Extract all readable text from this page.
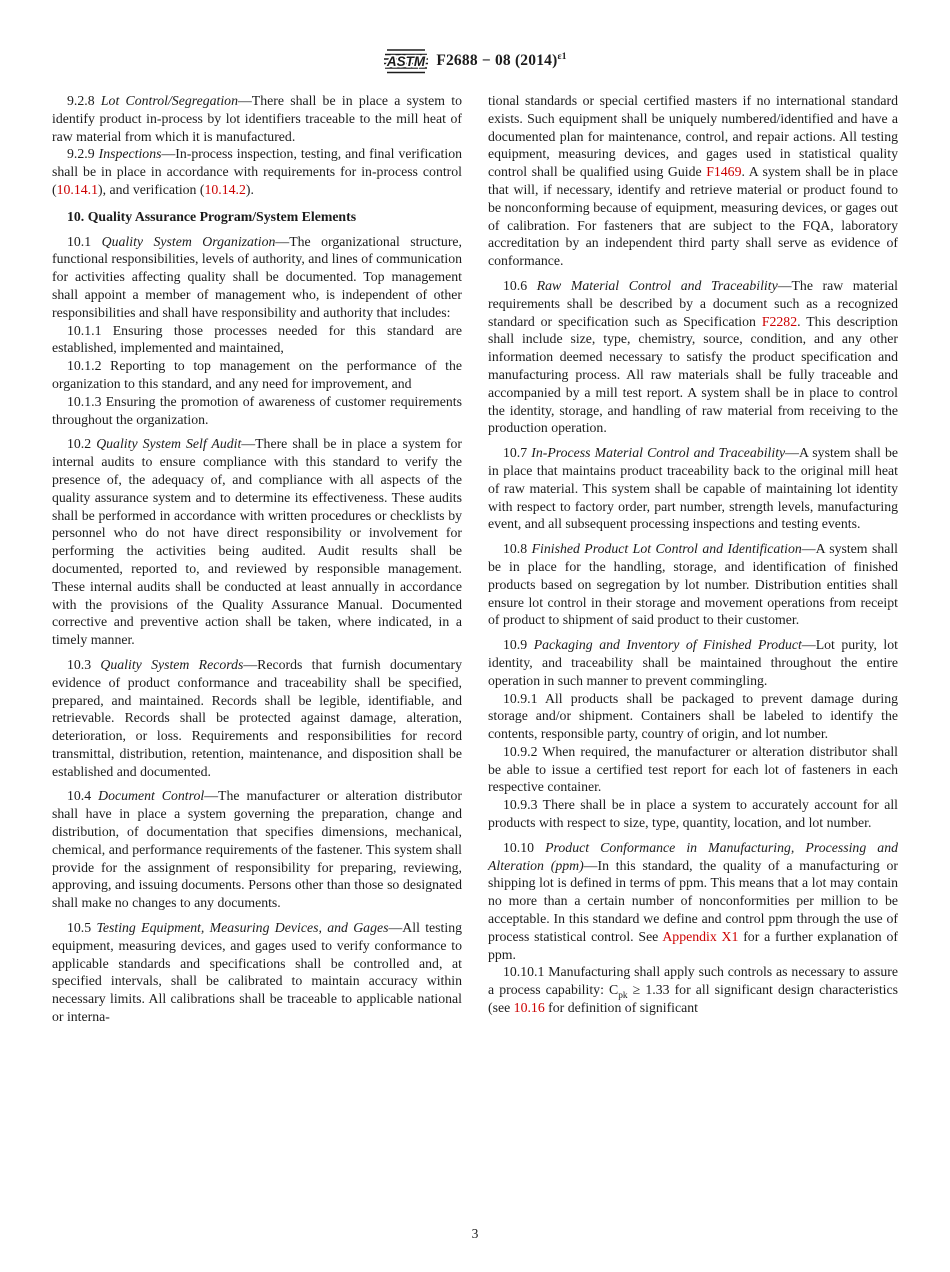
ASTM F2688 − 08 $(2014)^{\varepsilon 1}$

9.2.8 Lot Control/Segregation—There shall be in place a system to identify product in-process by lot identifiers traceable to the mill heat of raw material from which it is manufactured.

9.2.9 Inspections—In-process inspection, testing, and final verification shall be in place in accordance with requirements for in-process control (10.14.1), and verification (10.14.2).

10. Quality Assurance Program/System Elements

10.1 Quality System Organization—The organizational structure, functional responsibilities, levels of authority, and lines of communication for activities affecting quality shall be documented. Top management shall appoint a member of management who, is independent of other responsibilities and shall have responsibility and authority that includes:

10.1.1 Ensuring those processes needed for this standard are established, implemented and maintained,

10.1.2 Reporting to top management on the performance of the organization to this standard, and any need for improvement, and

10.1.3 Ensuring the promotion of awareness of customer requirements throughout the organization.

10.2 Quality System Self Audit—There shall be in place a system for internal audits to ensure compliance with this standard to verify the presence of, the adequacy of, and compliance with all aspects of the quality assurance system and to determine its effectiveness. These audits shall be performed in accordance with written procedures or checklists by personnel who do not have direct responsibility or involvement for performing the activities being audited. Audit results shall be documented, reported to, and reviewed by responsible management. These internal audits shall be conducted at least annually in accordance with the provisions of the Quality Assurance Manual. Documented corrective and preventive action shall be taken, where indicated, in a timely manner.

10.3 Quality System Records—Records that furnish documentary evidence of product conformance and traceability shall be specified, prepared, and maintained. Records shall be legible, identifiable, and retrievable. Records shall be protected against damage, alteration, deterioration, or loss. Requirements and responsibilities for record transmittal, distribution, retention, maintenance, and disposition shall be established and documented.

10.4 Document Control—The manufacturer or alteration distributor shall have in place a system governing the preparation, change and distribution, of documentation that specifies dimensions, mechanical, chemical, and performance requirements of the fastener. This system shall provide for the assignment of responsibility for preparing, reviewing, approving, and issuing documents. Persons other than those so designated shall make no changes to any documents.

10.5 Testing Equipment, Measuring Devices, and Gages—All testing equipment, measuring devices, and gages used to verify conformance to applicable standards and specifications shall be controlled and, at specified intervals, shall be calibrated to maintain accuracy within necessary limits. All calibrations shall be traceable to applicable national or interna-

tional standards or special certified masters if no international standard exists. Such equipment shall be uniquely numbered/identified and have a documented plan for maintenance, control, and repair actions. All testing equipment, measuring devices, and gages used in statistical quality control shall be qualified using Guide F1469. A system shall be in place that will, if necessary, identify and retrieve material or product found to be nonconforming because of equipment, measuring devices, or gages out of calibration. For fasteners that are subject to the FQA, laboratory accreditation by an independent third party shall serve as evidence of conformance.

10.6 Raw Material Control and Traceability—The raw material requirements shall be described by a document such as a recognized standard or specification such as Specification F2282. This description shall include size, type, chemistry, source, condition, and any other information deemed necessary to satisfy the product specification and manufacturing process. All raw materials shall be fully traceable and accompanied by a mill test report. A system shall be in place to control the identity, storage, and handling of raw material from receiving to the production operation.

10.7 In-Process Material Control and Traceability—A system shall be in place that maintains product traceability back to the original mill heat of raw material. This system shall be capable of maintaining lot identity with respect to factory order, part number, strength levels, manufacturing event, and all subsequent processing inspections and testing events.

10.8 Finished Product Lot Control and Identification—A system shall be in place for the handling, storage, and identification of finished products based on segregation by lot number. Distribution entities shall ensure lot control in their storage and movement operations from receipt of product to shipment of said product to their customer.

10.9 Packaging and Inventory of Finished Product—Lot purity, lot identity, and traceability shall be maintained throughout the entire operation in such manner to prevent commingling.

10.9.1 All products shall be packaged to prevent damage during storage and/or shipment. Containers shall be labeled to identify the contents, responsible party, country of origin, and lot number.

10.9.2 When required, the manufacturer or alteration distributor shall be able to issue a certified test report for each lot of fasteners in each respective container.

10.9.3 There shall be in place a system to accurately account for all products with respect to size, type, quantity, location, and lot number.

10.10 Product Conformance in Manufacturing, Processing and Alteration (ppm)—In this standard, the quality of a manufacturing or shipping lot is defined in terms of ppm. This means that a lot may contain no more than a certain number of nonconformities per million to be acceptable. In this standard we define and control ppm through the use of process statistical control. See Appendix X1 for a further explanation of ppm.

10.10.1 Manufacturing shall apply such controls as necessary to assure a process capability: $C_{pk} \ge 1.33$ for all significant design characteristics (see 10.16 for definition of significant

3
